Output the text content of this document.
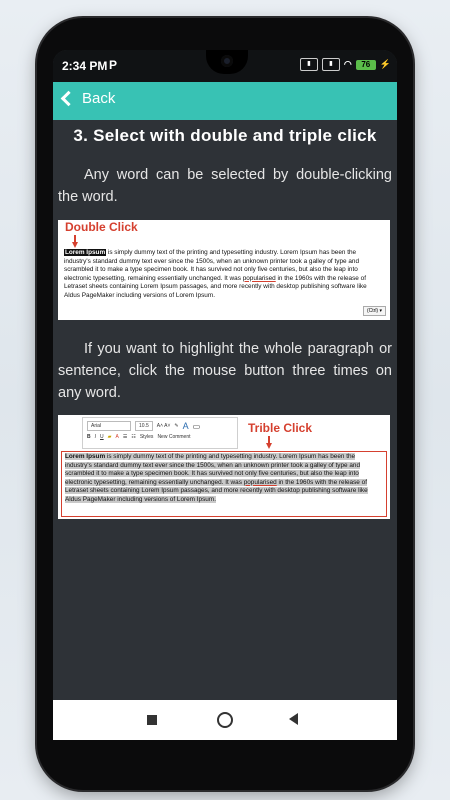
2:34 PM P	▮	▮	◠	76	⚡
Back
3. Select with double and triple click

Any word can be selected by double-clicking the word.

Double Click
Lorem Ipsum is simply dummy text of the printing and typesetting industry. Lorem Ipsum has been the industry's standard dummy text ever since the 1500s, when an unknown printer took a galley of type and scrambled it to make a type specimen book. It has survived not only five centuries, but also the leap into electronic typesetting, remaining essentially unchanged. It was popularised in the 1960s with the release of Letraset sheets containing Lorem Ipsum passages, and more recently with desktop publishing software like Aldus PageMaker including versions of Lorem Ipsum.
(Ctrl) ▾

If you want to highlight the whole paragraph or sentence, click the mouse button three times on any word.

Arial	10.5	A˄ A˅ ✎ A ▭
B I U ▰ A ☰ ☷ Styles New Comment
Trible Click
Lorem Ipsum is simply dummy text of the printing and typesetting industry. Lorem Ipsum has been the industry's standard dummy text ever since the 1500s, when an unknown printer took a galley of type and scrambled it to make a type specimen book. It has survived not only five centuries, but also the leap into electronic typesetting, remaining essentially unchanged. It was popularised in the 1960s with the release of Letraset sheets containing Lorem Ipsum passages, and more recently with desktop publishing software like Aldus PageMaker including versions of Lorem Ipsum.
